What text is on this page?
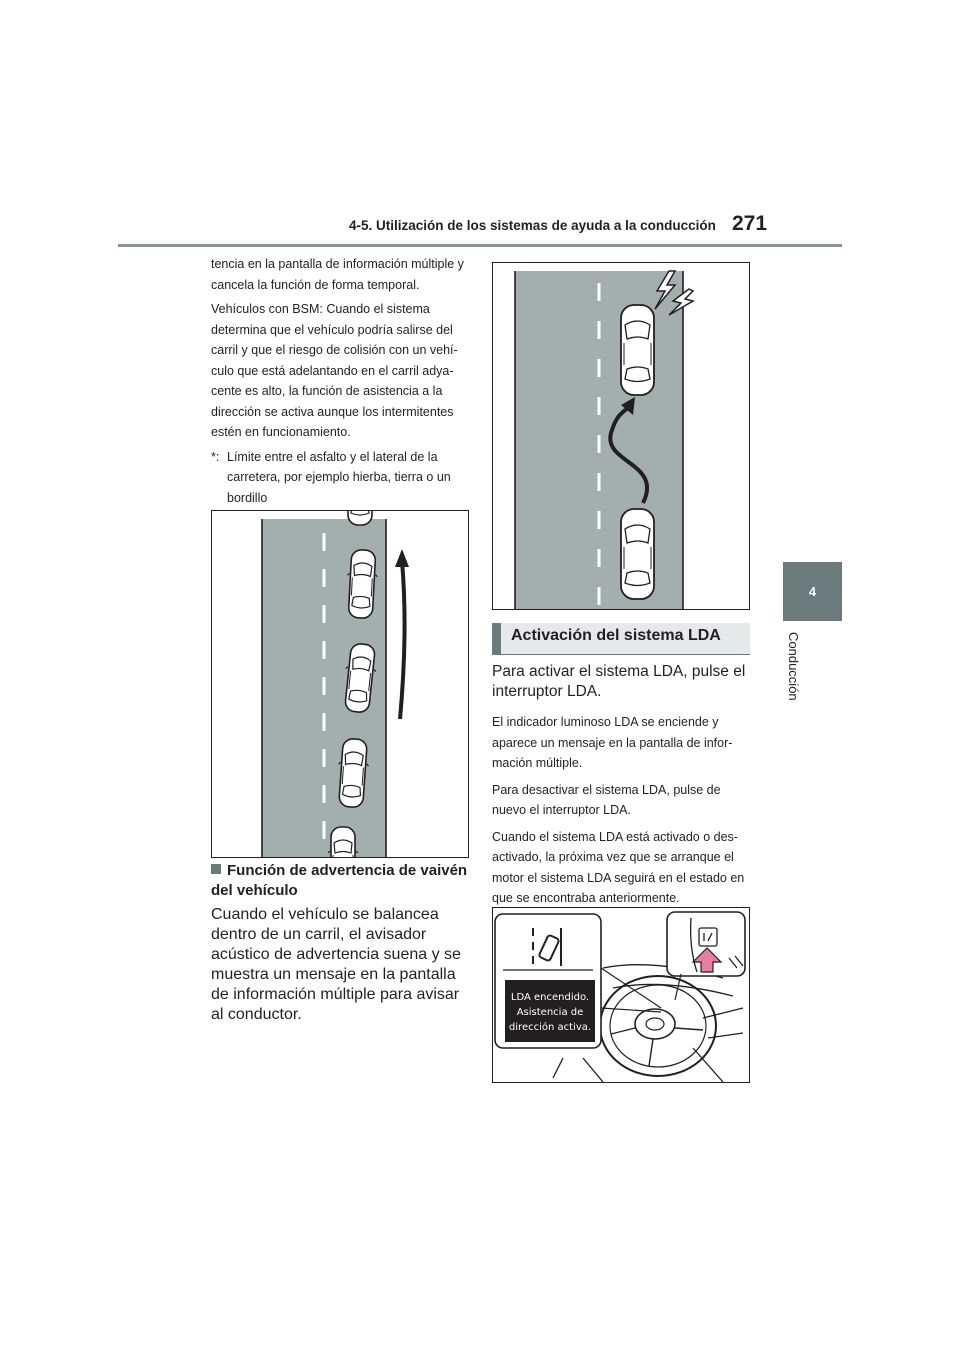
4-5. Utilización de los sistemas de ayuda a la conducción 271
4
Conducción

tencia en la pantalla de información múltiple y cancela la función de forma temporal.

Vehículos con BSM: Cuando el sistema determina que el vehículo podría salirse del carril y que el riesgo de colisión con un vehí-culo que está adelantando en el carril adya-cente es alto, la función de asistencia a la dirección se activa aunque los intermitentes estén en funcionamiento.

*: Límite entre el asfalto y el lateral de la carretera, por ejemplo hierba, tierra o un bordillo
Función de advertencia de vaivén del vehículo
Cuando el vehículo se balancea dentro de un carril, el avisador acústico de advertencia suena y se muestra un mensaje en la pantalla de información múltiple para avisar al conductor.
Activación del sistema LDA

Para activar el sistema LDA, pulse el interruptor LDA.

El indicador luminoso LDA se enciende y aparece un mensaje en la pantalla de infor-mación múltiple.

Para desactivar el sistema LDA, pulse de nuevo el interruptor LDA.

Cuando el sistema LDA está activado o des-activado, la próxima vez que se arranque el motor el sistema LDA seguirá en el estado en que se encontraba anteriormente.

LDA encendido.
Asistencia de
dirección activa.
